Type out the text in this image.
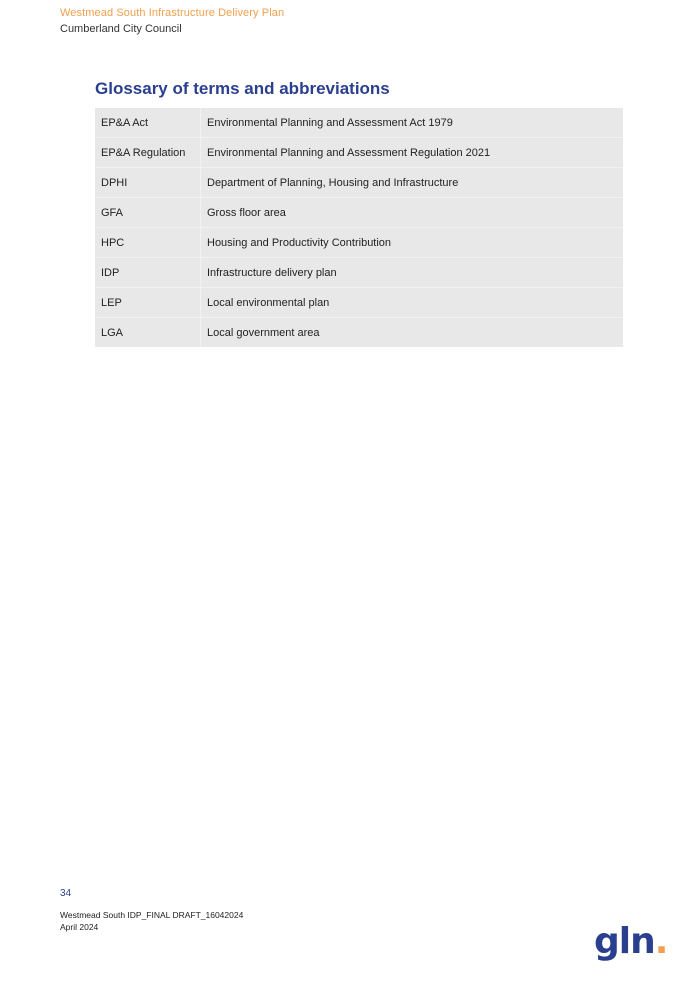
Westmead South Infrastructure Delivery Plan
Cumberland City Council
Glossary of terms and abbreviations
EP&A Act	Environmental Planning and Assessment Act 1979
EP&A Regulation	Environmental Planning and Assessment Regulation 2021
DPHI	Department of Planning, Housing and Infrastructure
GFA	Gross floor area
HPC	Housing and Productivity Contribution
IDP	Infrastructure delivery plan
LEP	Local environmental plan
LGA	Local government area
34
Westmead South IDP_FINAL DRAFT_16042024
April 2024	gln.
